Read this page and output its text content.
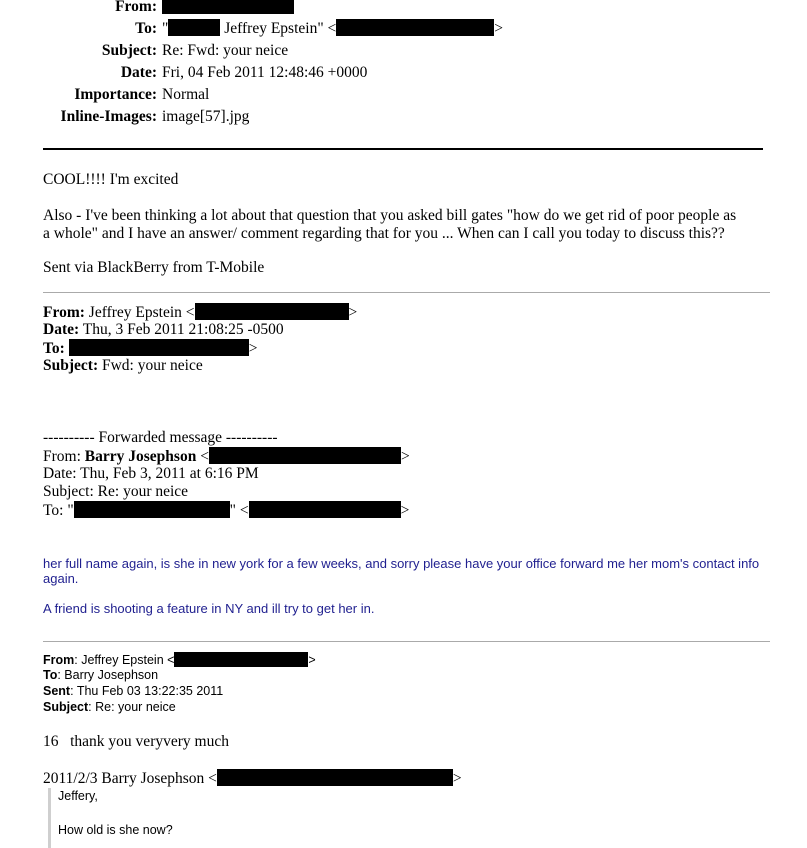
From:
To: "	Jeffrey Epstein" <	>
Subject: Re: Fwd: your neice
Date: Fri, 04 Feb 2011 12:48:46 +0000
Importance: Normal
Inline-Images: image[57].jpg
COOL!!!! I'm excited
Also - I've been thinking a lot about that question that you asked bill gates "how do we get rid of poor people as
a whole" and I have an answer/ comment regarding that for you ... When can I call you today to discuss this??
Sent via BlackBerry from T-Mobile
From: Jeffrey Epstein <	>
Date: Thu, 3 Feb 2011 21:08:25 -0500
To:	>
Subject: Fwd: your neice
---------- Forwarded message ----------
From: Barry Josephson <	>
Date: Thu, Feb 3, 2011 at 6:16 PM
Subject: Re: your neice
To: "	" <	>
her full name again, is she in new york for a few weeks, and sorry please have your office forward me her mom's contact info
again.
A friend is shooting a feature in NY and ill try to get her in.
From: Jeffrey Epstein <	>
To: Barry Josephson
Sent: Thu Feb 03 13:22:35 2011
Subject: Re: your neice
16   thank you veryvery much
2011/2/3 Barry Josephson <	>
Jeffery,
How old is she now?
